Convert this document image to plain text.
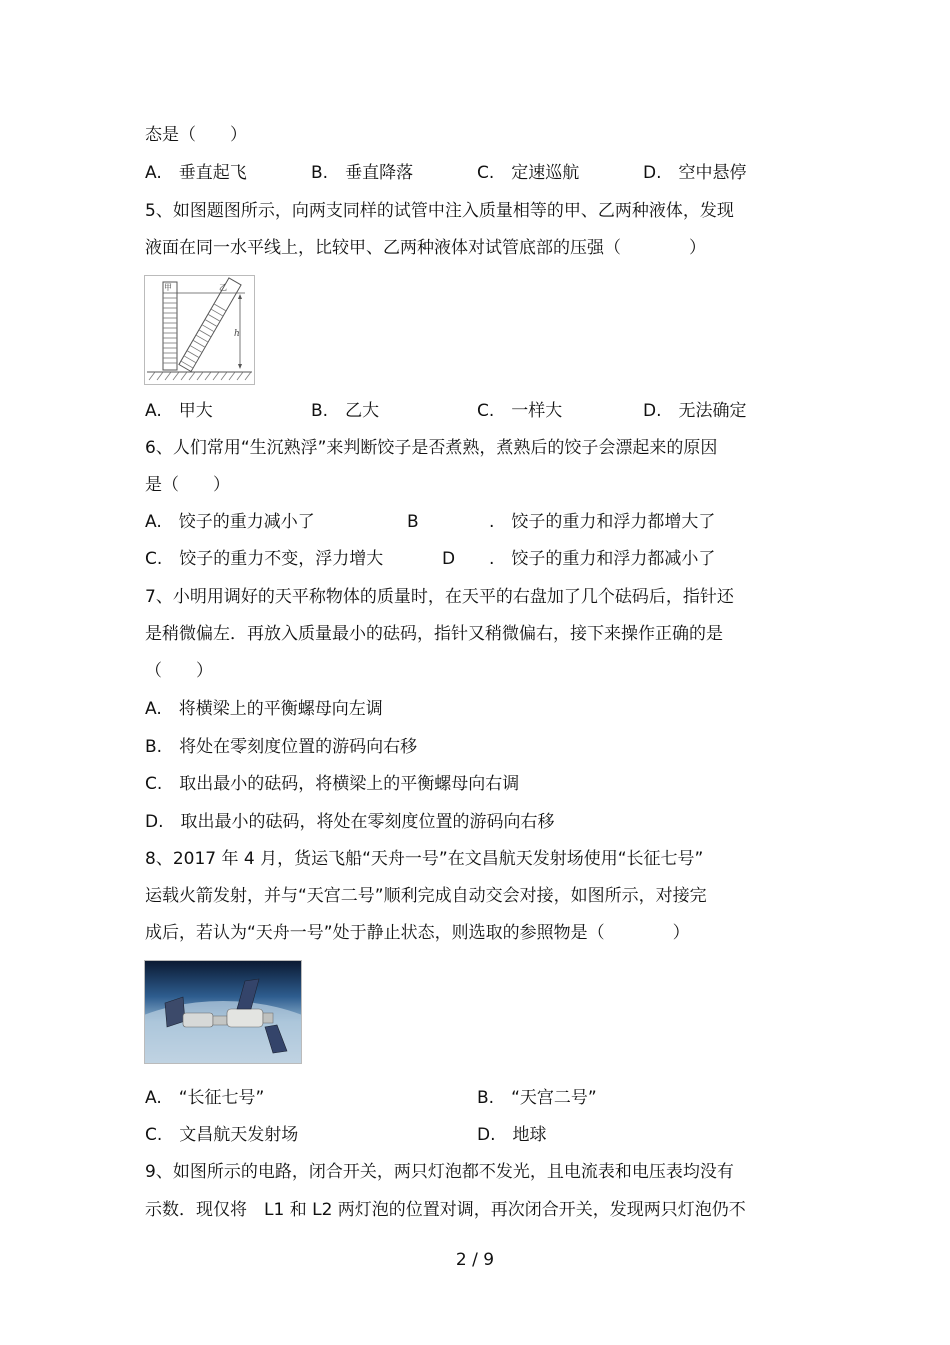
态是（　　）
A.　垂直起飞	B.　垂直降落	C.　定速巡航	D.　空中悬停
5、如图题图所示，向两支同样的试管中注入质量相等的甲、乙两种液体，发现
液面在同一水平线上，比较甲、乙两种液体对试管底部的压强（　　　　）
甲	乙
h
A.　甲大	B.　乙大	C.　一样大	D.　无法确定
6、人们常用“生沉熟浮”来判断饺子是否煮熟，煮熟后的饺子会漂起来的原因
是（　　）
A.　饺子的重力减小了	B	.　饺子的重力和浮力都增大了
C.　饺子的重力不变，浮力增大	D .　饺子的重力和浮力都减小了
7、小明用调好的天平称物体的质量时，在天平的右盘加了几个砝码后，指针还
是稍微偏左．再放入质量最小的砝码，指针又稍微偏右，接下来操作正确的是
（　　）
A.　将横梁上的平衡螺母向左调
B.　将处在零刻度位置的游码向右移
C.　取出最小的砝码，将横梁上的平衡螺母向右调
D.　取出最小的砝码，将处在零刻度位置的游码向右移
8、2017 年 4 月，货运飞船“天舟一号”在文昌航天发射场使用“长征七号”
运载火箭发射，并与“天宫二号”顺利完成自动交会对接，如图所示，对接完
成后，若认为“天舟一号”处于静止状态，则选取的参照物是（　　　　）
A.　“长征七号”	B.　“天宫二号”
C.　文昌航天发射场	D.　地球
9、如图所示的电路，闭合开关，两只灯泡都不发光，且电流表和电压表均没有
示数．现仅将　L1 和 L2 两灯泡的位置对调，再次闭合开关，发现两只灯泡仍不
2 / 9
